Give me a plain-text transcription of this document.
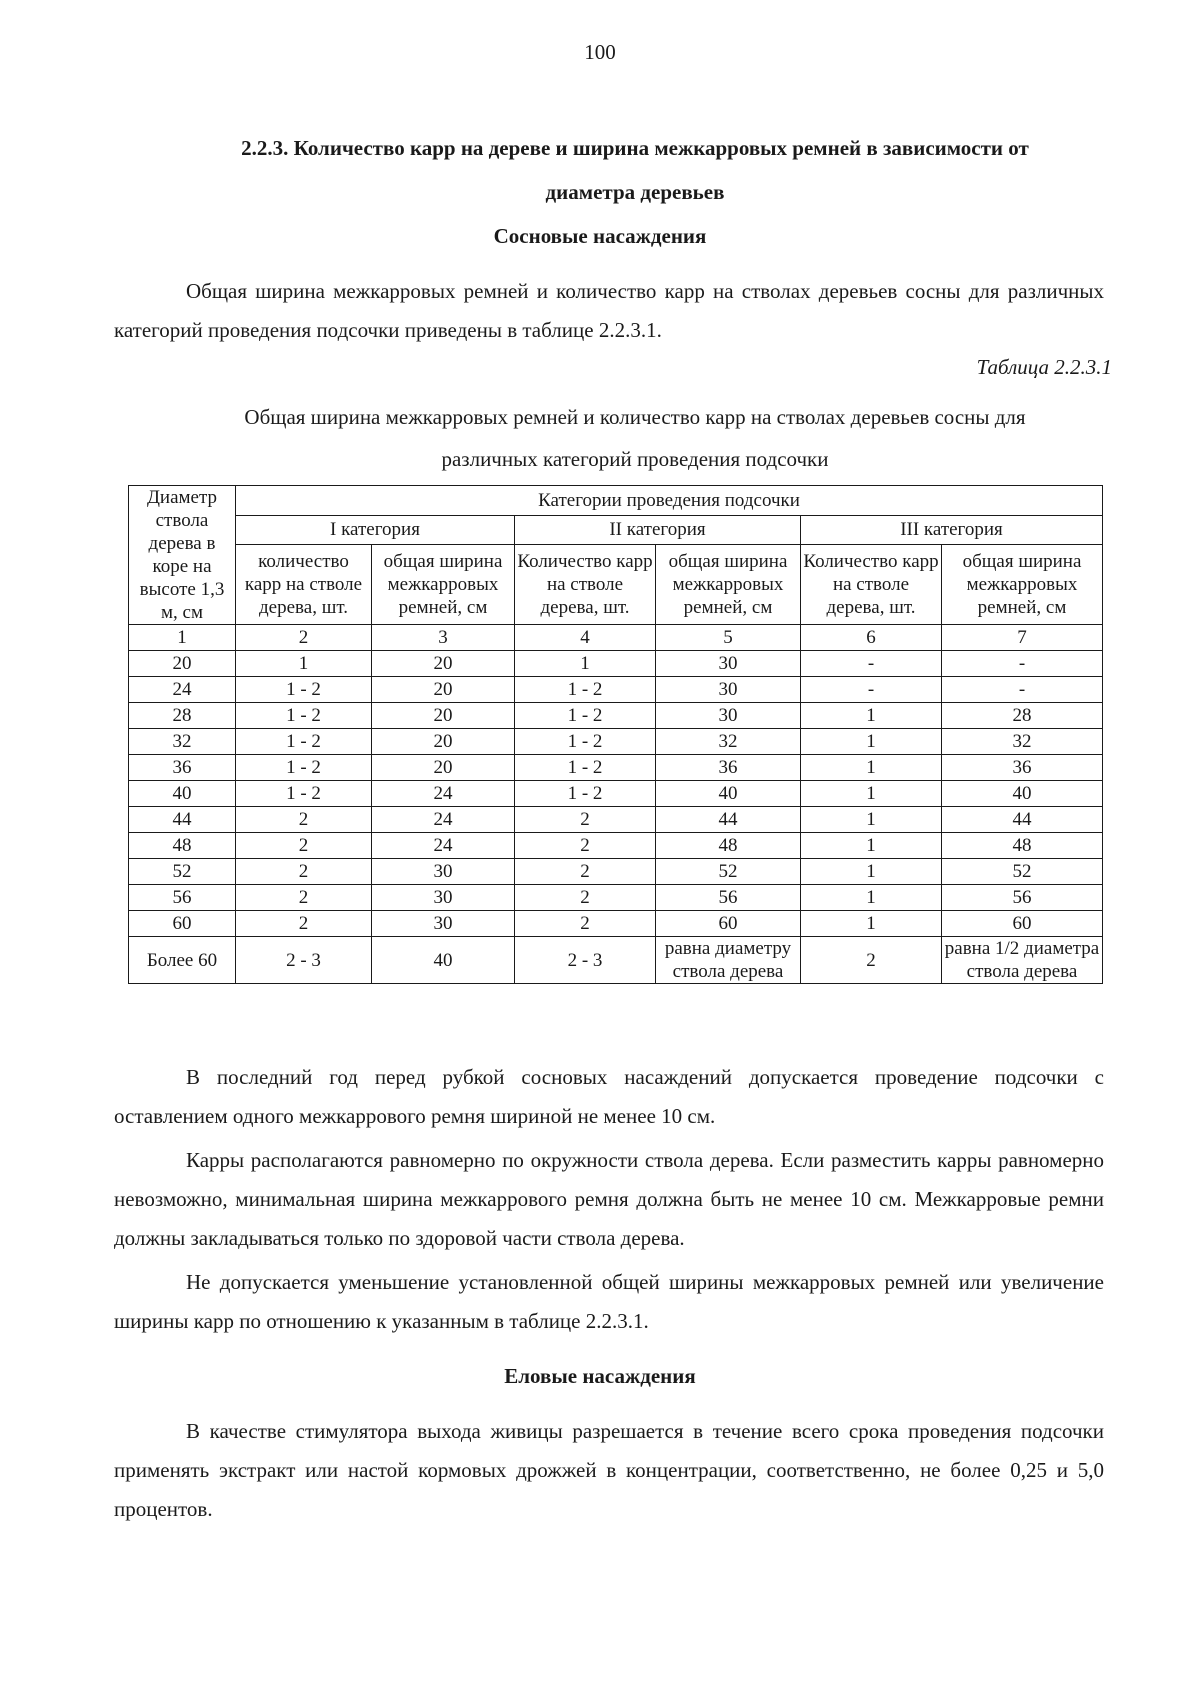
100
2.2.3. Количество карр на дереве и ширина межкарровых ремней в зависимости от
диаметра деревьев
Сосновые насаждения
Общая ширина межкарровых ремней и количество карр на стволах деревьев сосны для различных категорий проведения подсочки приведены в таблице 2.2.3.1.
Таблица 2.2.3.1
Общая ширина межкарровых ремней и количество карр на стволах деревьев сосны для
различных категорий проведения подсочки
Диаметр ствола дерева в коре на высоте 1,3 м, см	Категории проведения подсочки					
	I категория		II категория		III категория	
	количество карр на стволе дерева, шт.	общая ширина межкарровых ремней, см	Количество карр на стволе дерева, шт.	общая ширина межкарровых ремней, см	Количество карр на стволе дерева, шт.	общая ширина межкарровых ремней, см
1	2	3	4	5	6	7
20	1	20	1	30	-	-
24	1 - 2	20	1 - 2	30	-	-
28	1 - 2	20	1 - 2	30	1	28
32	1 - 2	20	1 - 2	32	1	32
36	1 - 2	20	1 - 2	36	1	36
40	1 - 2	24	1 - 2	40	1	40
44	2	24	2	44	1	44
48	2	24	2	48	1	48
52	2	30	2	52	1	52
56	2	30	2	56	1	56
60	2	30	2	60	1	60
Более 60	2 - 3	40	2 - 3	равна диаметру ствола дерева	2	равна 1/2 диаметра ствола дерева
В последний год перед рубкой сосновых насаждений допускается проведение подсочки с оставлением одного межкаррового ремня шириной не менее 10 см.
Карры располагаются равномерно по окружности ствола дерева. Если разместить карры равномерно невозможно, минимальная ширина межкаррового ремня должна быть не менее 10 см. Межкарровые ремни должны закладываться только по здоровой части ствола дерева.
Не допускается уменьшение установленной общей ширины межкарровых ремней или увеличение ширины карр по отношению к указанным в таблице 2.2.3.1.
Еловые насаждения
В качестве стимулятора выхода живицы разрешается в течение всего срока проведения подсочки применять экстракт или настой кормовых дрожжей в концентрации, соответственно, не более 0,25 и 5,0 процентов.
